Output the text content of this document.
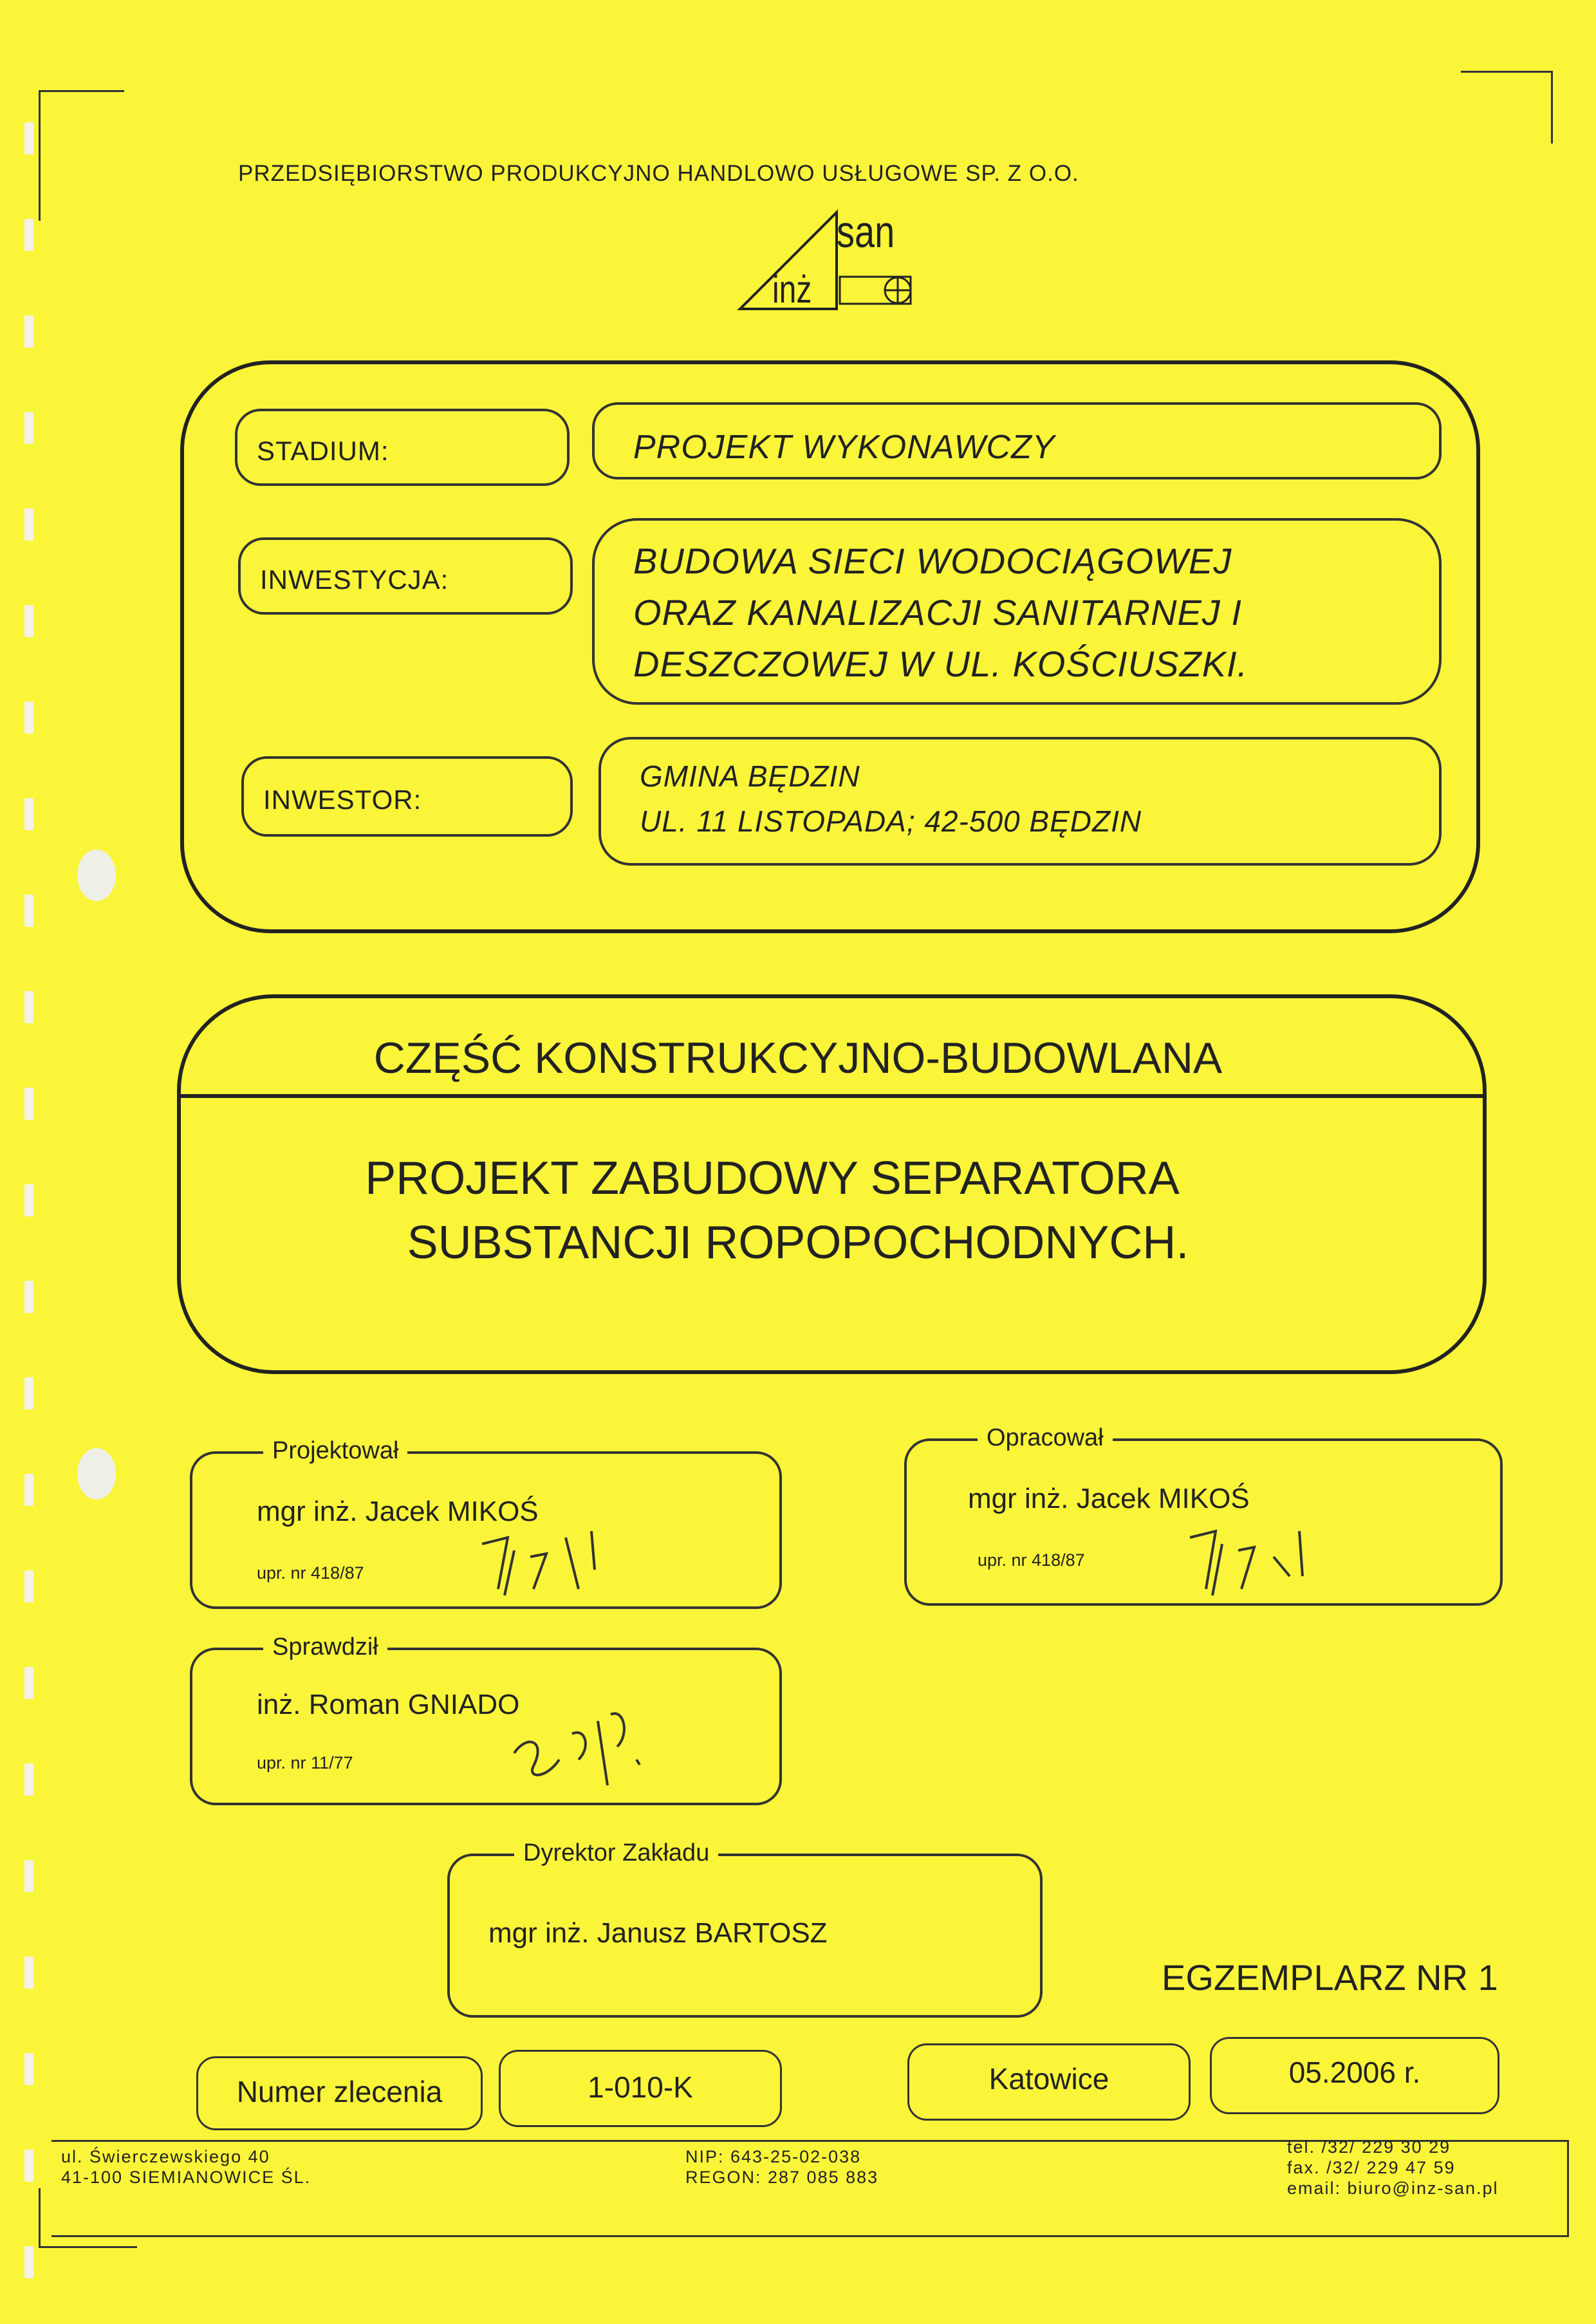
PRZEDSIĘBIORSTWO PRODUKCYJNO HANDLOWO USŁUGOWE SP. Z O.O.
san
inż
STADIUM:	PROJEKT WYKONAWCZY
INWESTYCJA:	BUDOWA SIECI WODOCIĄGOWEJ
ORAZ KANALIZACJI SANITARNEJ I
DESZCZOWEJ W UL. KOŚCIUSZKI.
INWESTOR:
GMINA BĘDZIN
UL. 11 LISTOPADA; 42-500 BĘDZIN
CZĘŚĆ KONSTRUKCYJNO-BUDOWLANA
PROJEKT ZABUDOWY SEPARATORA
SUBSTANCJI ROPOPOCHODNYCH.
Projektował
mgr inż. Jacek MIKOŚ
upr. nr 418/87
Opracował
mgr inż. Jacek MIKOŚ
upr. nr 418/87
Sprawdził
inż. Roman GNIADO
upr. nr 11/77
Dyrektor Zakładu
mgr inż. Janusz BARTOSZ
EGZEMPLARZ NR 1
Numer zlecenia	1-010-K	Katowice	05.2006 r.
ul. Świerczewskiego 40
41-100 SIEMIANOWICE ŚL.
NIP: 643-25-02-038
REGON: 287 085 883
tel. /32/ 229 30 29
fax. /32/ 229 47 59
email: biuro@inz-san.pl
